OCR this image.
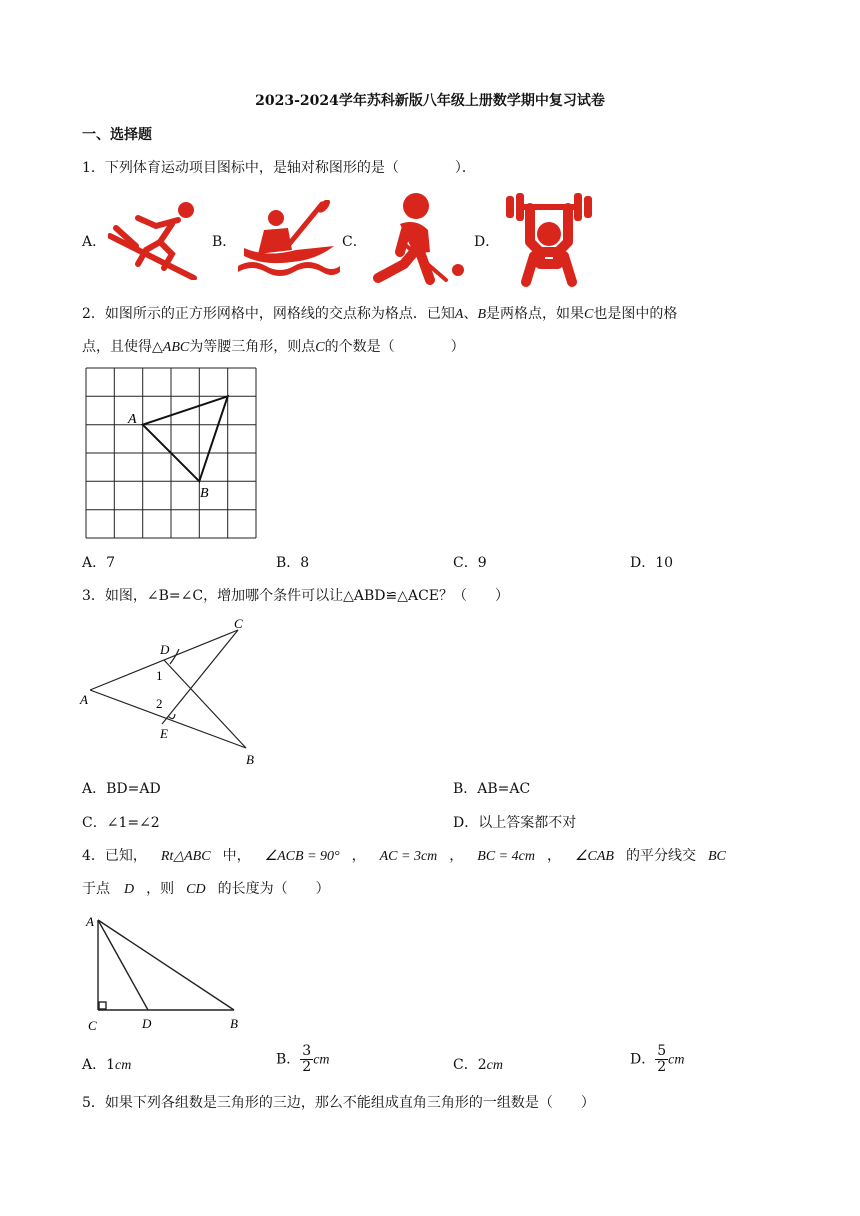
2023-2024学年苏科新版八年级上册数学期中复习试卷
一、选择题
1．下列体育运动项目图标中，是轴对称图形的是（　　　　）．
A．	B．	C．	D．
2．如图所示的正方形网格中，网格线的交点称为格点．已知A、B是两格点，如果C也是图中的格
点，且使得△ABC为等腰三角形，则点C的个数是（　　　　）
A
B
A．7	B．8	C．9	D．10
3．如图，∠B=∠C，增加哪个条件可以让△ABD≌△ACE？（　　）
A
B
C
D
E
1
2
A．BD=AD	B．AB=AC
C．∠1=∠2	D．以上答案都不对
4．已知， Rt△ABC 中， ∠ACB = 90° ， AC = 3cm ， BC = 4cm ， ∠CAB 的平分线交 BC
于点 D ，则 CD 的长度为（　　）
A
B
C	D
A．1cm	B． $\frac{3}{2}$ cm	C．2cm	D． $\frac{5}{2}$ cm
5．如果下列各组数是三角形的三边，那么不能组成直角三角形的一组数是（　　）
